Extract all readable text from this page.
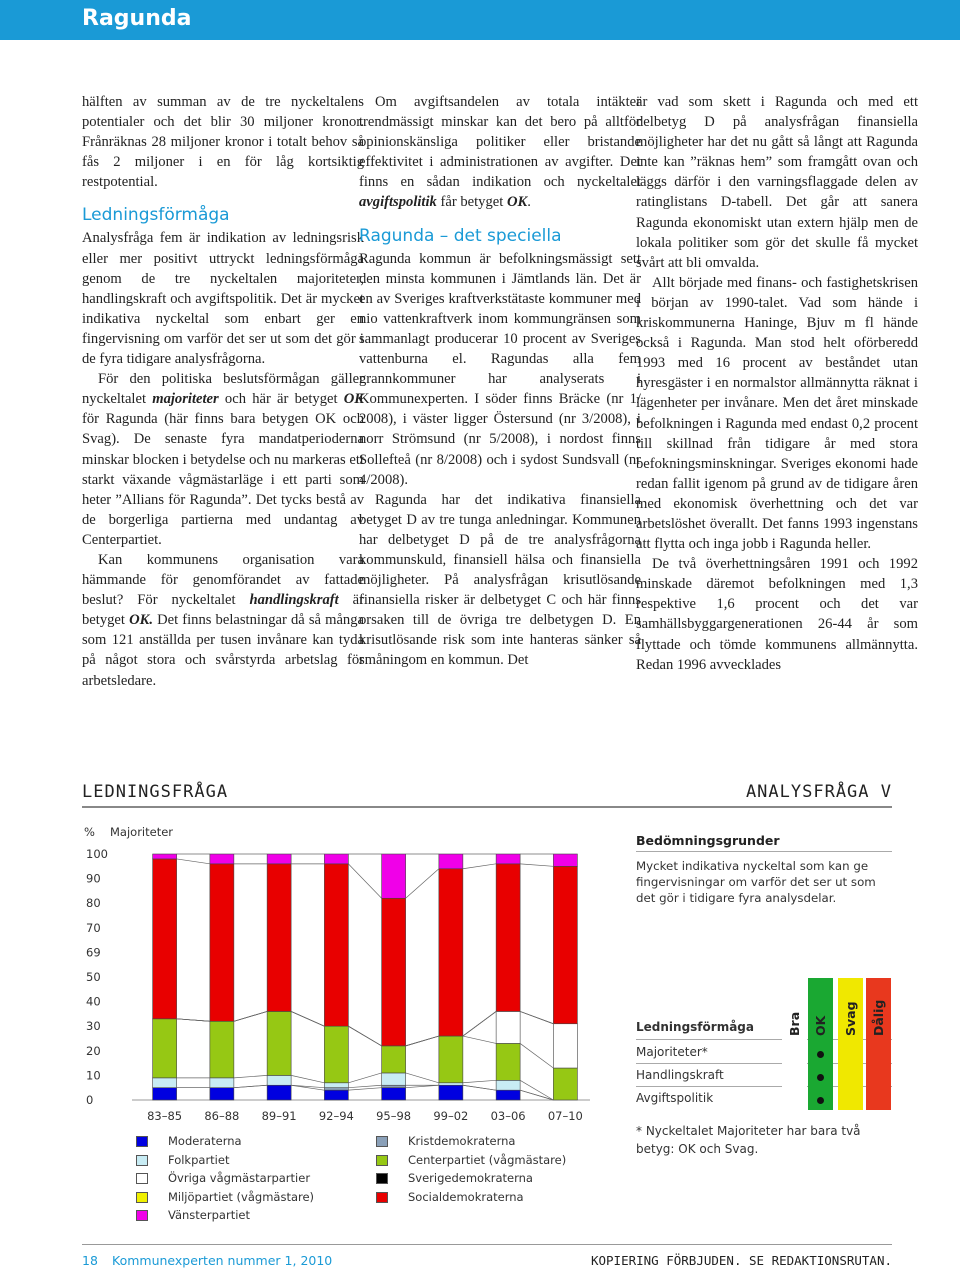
Ragunda

hälften av summan av de tre nyckeltalens potentialer och det blir 30 miljoner kronor. Frånräknas 28 miljoner kronor i totalt behov så fås 2 miljoner i en för låg kortsiktig restpotential.

Ledningsförmåga

Analysfråga fem är indikation av ledningsrisk eller mer positivt uttryckt ledningsförmåga genom de tre nyckeltalen majoriteter, handlingskraft och avgiftspolitik. Det är mycket indikativa nyckeltal som enbart ger en fingervisning om varför det ser ut som det gör i de fyra tidigare analysfrågorna.

För den politiska beslutsförmågan gäller nyckeltalet majoriteter och här är betyget OK för Ragunda (här finns bara betygen OK och Svag). De senaste fyra mandatperioderna minskar blocken i betydelse och nu markeras ett starkt växande vågmästarläge i ett parti som heter ”Allians för Ragunda”. Det tycks bestå av de borgerliga partierna med undantag av Centerpartiet.

Kan kommunens organisation vara hämmande för genomförandet av fattade beslut? För nyckeltalet handlingskraft är betyget OK. Det finns belastningar då så många som 121 anställda per tusen invånare kan tyda på något stora och svårstyrda arbetslag för arbetsledare.

Om avgiftsandelen av totala intäkter trendmässigt minskar kan det bero på alltför opinionskänsliga politiker eller bristande effektivitet i administrationen av avgifter. Det finns en sådan indikation och nyckeltalet avgiftspolitik får betyget OK.

Ragunda – det speciella

Ragunda kommun är befolkningsmässigt sett den minsta kommunen i Jämtlands län. Det är en av Sveriges kraftverkstätaste kommuner med nio vattenkraftverk inom kommungränsen som sammanlagt producerar 10 procent av Sveriges vattenburna el. Ragundas alla fem grannkommuner har analyserats i Kommunexperten. I söder finns Bräcke (nr 1/ 2008), i väster ligger Östersund (nr 3/2008), i norr Strömsund (nr 5/2008), i nordost finns Sollefteå (nr 8/2008) och i sydost Sundsvall (nr 4/2008).

Ragunda har det indikativa finansiella betyget D av tre tunga anledningar. Kommunen har delbetyget D på de tre analysfrågorna kommunskuld, finansiell hälsa och finansiella möjligheter. På analysfrågan krisutlösande finansiella risker är delbetyget C och här finns orsaken till de övriga tre delbetygen D. En krisutlösande risk som inte hanteras sänker så småningom en kommun. Det

är vad som skett i Ragunda och med ett delbetyg D på analysfrågan finansiella möjligheter har det nu gått så långt att Ragunda inte kan ”räknas hem” som framgått ovan och läggs därför i den varningsflaggade delen av ratinglistans D-tabell. Det går att sanera Ragunda ekonomiskt utan extern hjälp men de lokala politiker som gör det skulle få mycket svårt att bli omvalda.

Allt började med finans- och fastighetskrisen i början av 1990-talet. Vad som hände i kriskommunerna Haninge, Bjuv m fl hände också i Ragunda. Man stod helt oförberedd 1993 med 16 procent av beståndet utan hyresgäster i en normalstor allmännytta räknat i lägenheter per invånare. Men det året minskade befolkningen i Ragunda med endast 0,2 procent till skillnad från tidigare år med stora befokningsminskningar. Sveriges ekonomi hade redan fallit igenom på grund av de tidigare åren med ekonomisk överhettning och det var arbetslöshet överallt. Det fanns 1993 ingenstans att flytta och inga jobb i Ragunda heller.

De två överhettningsåren 1991 och 1992 minskade däremot befolkningen med 1,3 respektive 1,6 procent och det var samhällsbyggargenerationen 26-44 år som flyttade och tömde kommunens allmännytta. Redan 1996 avvecklades

LEDNINGSFRÅGA	ANALYSFRÅGA V
% Majoriteter
100
90
80
70
69
50
40
30
20
10
0
83–85 86–88 89–91 92–94 95–98 99–02 03–06 07–10
Moderaterna
Folkpartiet
Övriga vågmästarpartier
Miljöpartiet (vågmästare)
Vänsterpartiet
Kristdemokraterna
Centerpartiet (vågmästare)
Sverigedemokraterna
Socialdemokraterna
Bedömningsgrunder
Mycket indikativa nyckeltal som kan ge fingervisningar om varför det ser ut som det gör i tidigare fyra analysdelar.
Ledningsförmåga
Majoriteter*
Handlingskraft
Avgiftspolitik
Bra OK Svag Dålig
* Nyckeltalet Majoriteter har bara två betyg: OK och Svag.
18 Kommunexperten nummer 1, 2010	KOPIERING FÖRBJUDEN. SE REDAKTIONSRUTAN.
